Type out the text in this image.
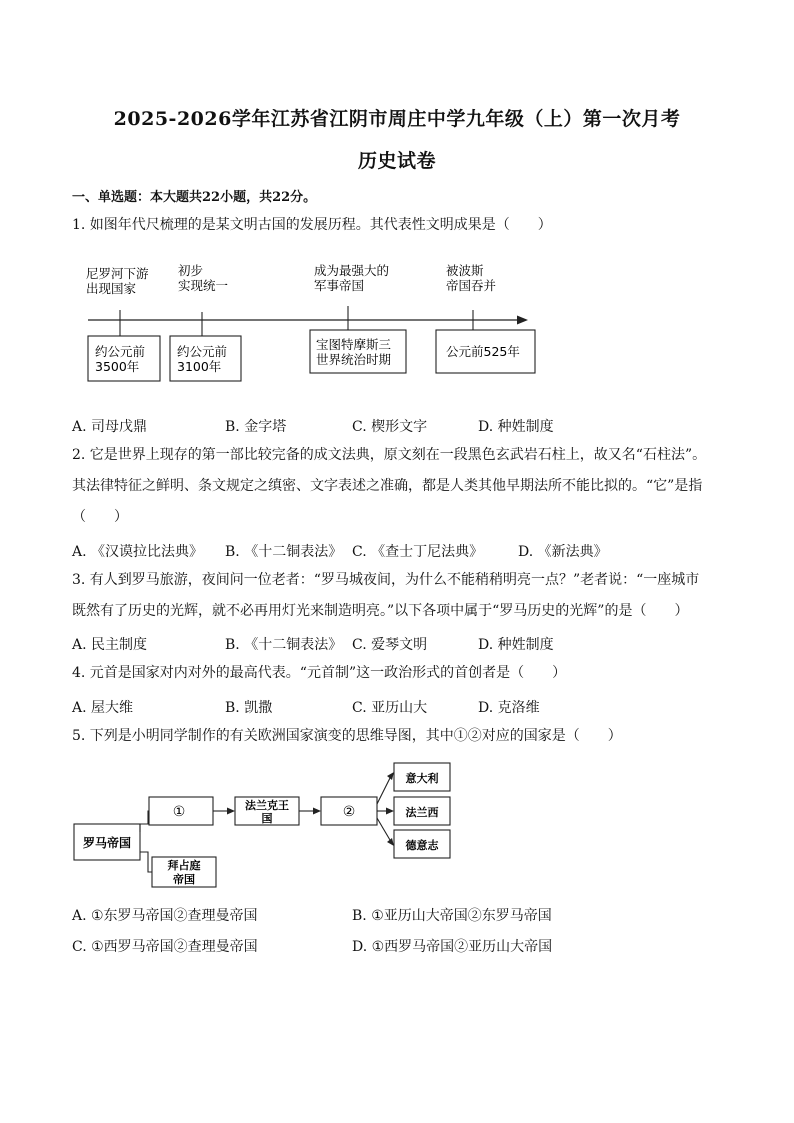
2025-2026学年江苏省江阴市周庄中学九年级（上）第一次月考
历史试卷
一、单选题：本大题共22小题，共22分。
1. 如图年代尺梳理的是某文明古国的发展历程。其代表性文明成果是（　　）
尼罗河下游
出现国家
约公元前
3500年
初步
实现统一
约公元前
3100年
成为最强大的
军事帝国
宝图特摩斯三
世界统治时期
被波斯
帝国吞并
公元前525年
A. 司母戊鼎	B. 金字塔	C. 楔形文字	D. 种姓制度
2. 它是世界上现存的第一部比较完备的成文法典，原文刻在一段黑色玄武岩石柱上，故又名“石柱法”。
其法律特征之鲜明、条文规定之缜密、文字表述之准确，都是人类其他早期法所不能比拟的。“它”是指
（　　）
A. 《汉谟拉比法典》 B. 《十二铜表法》 C. 《查士丁尼法典》 D. 《新法典》
3. 有人到罗马旅游，夜间问一位老者：“罗马城夜间，为什么不能稍稍明亮一点？”老者说：“一座城市
既然有了历史的光辉，就不必再用灯光来制造明亮。”以下各项中属于“罗马历史的光辉”的是（　　）
A. 民主制度	B. 《十二铜表法》 C. 爱琴文明	D. 种姓制度
4. 元首是国家对内对外的最高代表。“元首制”这一政治形式的首创者是（　　）
A. 屋大维	B. 凯撒	C. 亚历山大	D. 克洛维
5. 下列是小明同学制作的有关欧洲国家演变的思维导图，其中①②对应的国家是（　　）
罗马帝国
①	法兰克王
国	②
意大利
法兰西
德意志
拜占庭
帝国
A. ①东罗马帝国②查理曼帝国	B. ①亚历山大帝国②东罗马帝国
C. ①西罗马帝国②查理曼帝国	D. ①西罗马帝国②亚历山大帝国
